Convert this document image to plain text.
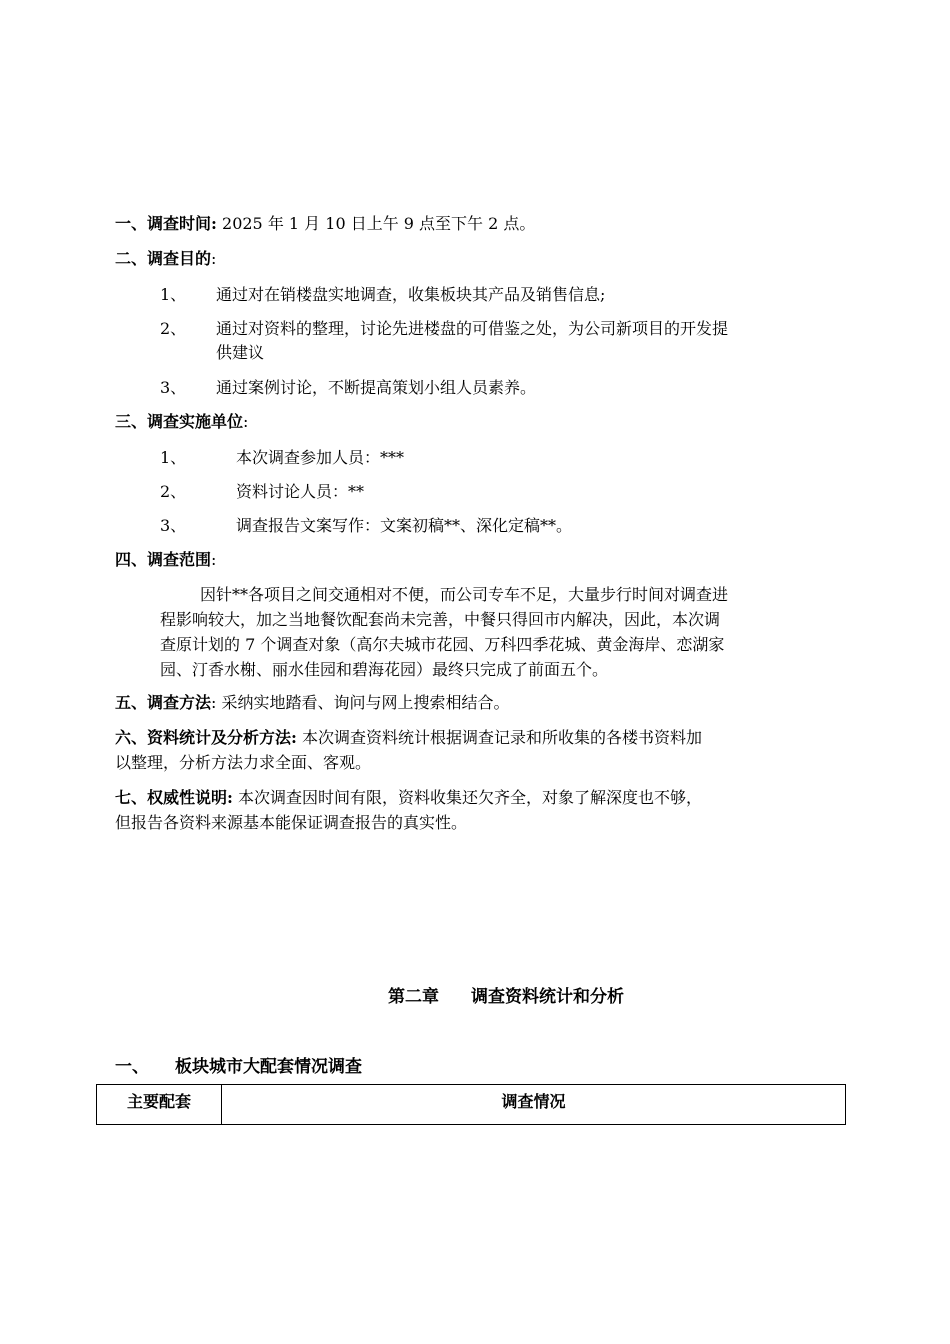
一、调查时间: 2025 年 1 月 10 日上午 9 点至下午 2 点。
二、调查目的:
1、 通过对在销楼盘实地调查，收集板块其产品及销售信息;
2、 通过对资料的整理，讨论先进楼盘的可借鉴之处，为公司新项目的开发提
供建议
3、 通过案例讨论，不断提高策划小组人员素养。
三、调查实施单位:
1、	本次调查参加人员：***
2、	资料讨论人员：**
3、	调查报告文案写作：文案初稿**、深化定稿**。
四、调查范围:
因针**各项目之间交通相对不便，而公司专车不足，大量步行时间对调查进
程影响较大，加之当地餐饮配套尚未完善，中餐只得回市内解决，因此，本次调
查原计划的 7 个调查对象（高尔夫城市花园、万科四季花城、黄金海岸、恋湖家
园、汀香水榭、丽水佳园和碧海花园）最终只完成了前面五个。
五、调查方法: 采纳实地踏看、询问与网上搜索相结合。
六、资料统计及分析方法: 本次调查资料统计根据调查记录和所收集的各楼书资料加
以整理，分析方法力求全面、客观。
七、权威性说明: 本次调查因时间有限，资料收集还欠齐全，对象了解深度也不够，
但报告各资料来源基本能保证调查报告的真实性。
第二章 调查资料统计和分析
一、 板块城市大配套情况调查
主要配套	调查情况
